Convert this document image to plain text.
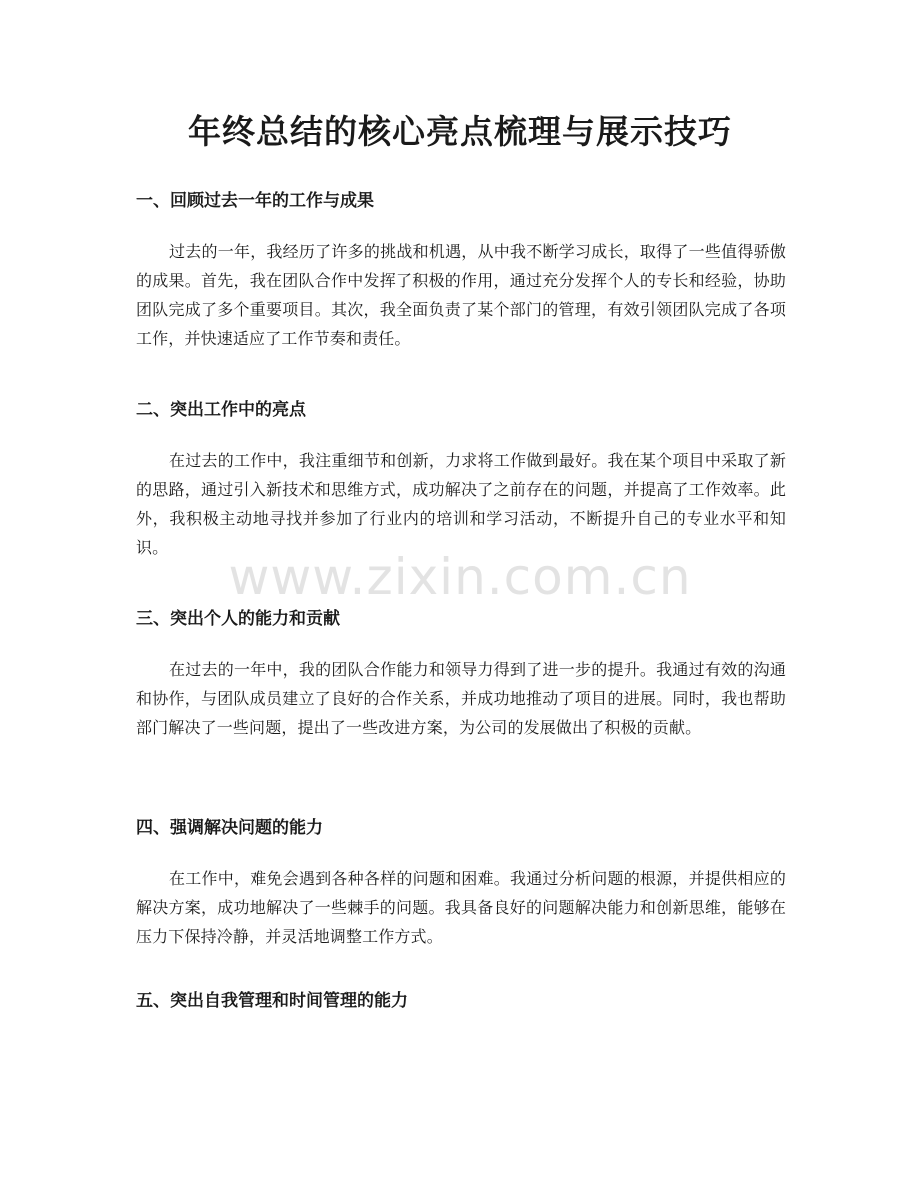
年终总结的核心亮点梳理与展示技巧
一、回顾过去一年的工作与成果

过去的一年，我经历了许多的挑战和机遇，从中我不断学习成长，取得了一些值得骄傲的成果。首先，我在团队合作中发挥了积极的作用，通过充分发挥个人的专长和经验，协助团队完成了多个重要项目。其次，我全面负责了某个部门的管理，有效引领团队完成了各项工作，并快速适应了工作节奏和责任。

二、突出工作中的亮点

在过去的工作中，我注重细节和创新，力求将工作做到最好。我在某个项目中采取了新的思路，通过引入新技术和思维方式，成功解决了之前存在的问题，并提高了工作效率。此外，我积极主动地寻找并参加了行业内的培训和学习活动，不断提升自己的专业水平和知识。

三、突出个人的能力和贡献

在过去的一年中，我的团队合作能力和领导力得到了进一步的提升。我通过有效的沟通和协作，与团队成员建立了良好的合作关系，并成功地推动了项目的进展。同时，我也帮助部门解决了一些问题，提出了一些改进方案，为公司的发展做出了积极的贡献。

四、强调解决问题的能力

在工作中，难免会遇到各种各样的问题和困难。我通过分析问题的根源，并提供相应的解决方案，成功地解决了一些棘手的问题。我具备良好的问题解决能力和创新思维，能够在压力下保持冷静，并灵活地调整工作方式。

五、突出自我管理和时间管理的能力
www.zixin.com.cn
